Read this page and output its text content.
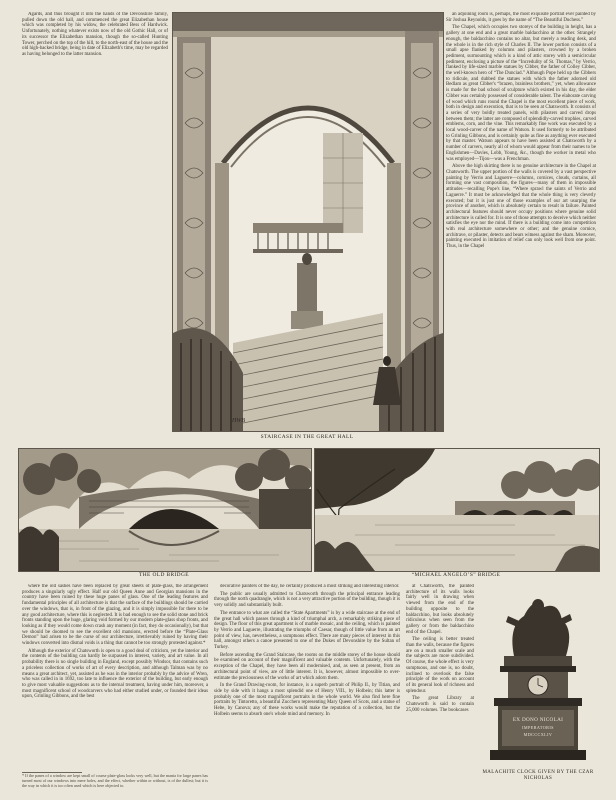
Agards, and thus brought it into the hands of the Devonshire family, pulled down the old hall, and commenced the great Elizabethan house which was completed by his widow, the celebrated Bess of Hardwick. Unfortunately, nothing whatever exists now of the old Gothic Hall, or of its successor the Elizabethan mansion, though the so-called Hunting Tower, perched on the top of the hill, to the north-east of the house and the old high-backed bridge, being in date of Elizabeth's time, may be regarded as having belonged to the latter mansion.

an adjoining room is, perhaps, the most exquisite portrait ever painted by Sir Joshua Reynolds, it goes by the name of “The Beautiful Duchess.”

The Chapel, which occupies two storeys of the building in height, has a gallery at one end and a great marble baldacchino at the other. Strangely enough, the baldacchino contains no altar, but merely a reading desk, and the whole is in the rich style of Charles II. The lower portion consists of a small apse flanked by columns and pilasters, crowned by a broken pediment, surmounting which is a kind of attic storey with a semicircular pediment, enclosing a picture of the “Incredulity of St. Thomas,” by Verrio, flanked by life-sized marble statues by Cibber, the father of Colley Cibber, the well-known hero of “The Dunciad.” Although Pope held up the Cibbers to ridicule, and dubbed the statues with which the father adorned old Bedlam as great Cibber's “brazen, brainless brothers,” yet, when allowance is made for the bad school of sculpture which existed in his day, the elder Cibber was certainly possessed of considerable talent. The elaborate carving of wood which runs round the Chapel is the most excellent piece of work, both in design and execution, that is to be seen at Chatsworth. It consists of a series of very boldly treated panels, with pilasters and carved drops between them; the latter are composed of splendidly-carved trophies, carved emblems, corn, and the vine. This remarkably fine work was executed by a local wood-carver of the name of Watson. It used formerly to be attributed to Grinling Gibbons, and is certainly quite as fine as anything ever executed by that master. Watson appears to have been assisted at Chatsworth by a number of carvers, nearly all of whom would appear from their names to be Englishmen—Davies, Lobb, Young, &c., though the worker in metal who was employed—Tijou—was a Frenchman.

Above the high skirting there is no genuine architecture in the Chapel at Chatsworth. The upper portion of the walls is covered by a vast perspective painting by Verrio and Laguerre—columns, cornices, clouds, curtains, all forming one vast composition, the figures—many of them in impossible attitudes—recalling Pope's line, “Where sprawl the saints of Verrio and Laguerre.” It must be acknowledged that the whole thing is very cleverly executed; but it is just one of those examples of our art usurping the province of another, which is absolutely certain to result in failure. Painted architectural features should never occupy positions where genuine solid architecture is called for. It is one of those attempts to deceive which neither satisfies the eye nor the mind. If there is a building come into competition with real architecture somewhere or other; and the genuine cornice, architrave, or pilaster, detects and bears witness against the sham. Moreover, painting executed in imitation of relief can only look well from one point. Thus, in the Chapel

HWB
STAIRCASE IN THE GREAT HALL
THE OLD BRIDGE	“MICHAEL ANGELO’S” BRIDGE

where the old sashes have been replaced by great sheets of plate-glass, the arrangement produces a singularly ugly effect. Half our old Queen Anne and Georgian mansions in the country have been ruined by these huge panes of glass. One of the leading features and fundamental principles of all architecture is that the surface of the buildings should be carried over the windows, that is, in front of the glazing, and it is simply impossible for there to be any good architecture, where this is neglected. It is bad enough to see the solid stone and brick fronts standing upon the huge, glaring void formed by our modern plate-glass shop fronts, and looking as if they would come down crash any moment (in fact, they do occasionally), but that we should be doomed to see the excellent old mansions, erected before the “Plate-Glass Demon” had arisen to be the curse of our architecture, irretrievably ruined by having their windows converted into dismal voids is a thing that cannot be too strongly protested against.*

Although the exterior of Chatsworth is open to a good deal of criticism, yet the interior and the contents of the building can hardly be surpassed in interest, variety, and art value. In all probability there is no single building in England, except possibly Windsor, that contains such a priceless collection of works of art of every description, and although Talman was by no means a great architect, yet, assisted as he was in the interior probably by the advice of Wren, who was called in in 1692, too late to influence the exterior of the building, but early enough to give most valuable suggestions as to the internal treatment, having under him, moreover, a most magnificent school of woodcarvers who had either studied under, or founded their ideas upon, Grinling Gibbons, and the best

decorative painters of the day, he certainly produced a most striking and interesting interior.

The public are usually admitted to Chatsworth through the principal entrance leading through the north quadrangle, which is not a very attractive portion of the building, though it is very solidly and substantially built.

The entrance to what are called the “State Apartments” is by a wide staircase at the end of the great hall which passes through a kind of triumphal arch, a remarkably striking piece of design. The floor of this great apartment is of marble mosaic, and the ceiling, which is painted by Verrio and Laguerre, illustrating the triumphs of Caesar, though of little value from an art point of view, has, nevertheless, a sumptuous effect. There are many pieces of interest in this hall, amongst others a canoe presented to one of the Dukes of Devonshire by the Sultan of Turkey.

Before ascending the Grand Staircase, the rooms on the middle storey of the house should be examined on account of their magnificent and valuable contents. Unfortunately, with the exception of the Chapel, they have been all modernised, and, as seen at present, from an architectural point of view, are of little interest. It is, however, almost impossible to over-estimate the preciousness of the works of art which adorn them.

In the Grand Drawing-room, for instance, is a superb portrait of Philip II., by Titian, and side by side with it hangs a most splendid one of Henry VIII., by Holbein; this latter is probably one of the most magnificent portraits in the whole world. We also find here fine portraits by Tintoretto, a beautiful Zucchero representing Mary Queen of Scots, and a statue of Hebe, by Canova; any of these works would make the reputation of a collection, but the Holbein seems to absorb one's whole mind and memory. In

at Chatsworth, the painted architecture of its walls looks fairly well in drawing when viewed from the end of the building opposite to the baldacchino, but looks absolutely ridiculous when seen from the gallery or from the baldacchino end of the Chapel.

The ceiling is better treated than the walls, because the figures are on a much smaller scale and the subjects are more subdivided. Of course, the whole effect is very sumptuous, and one is, no doubt, inclined to overlook the false principle of the work on account of its general look of richness and splendour.

The great Library at Chatsworth is said to contain 25,000 volumes. The bookcases

* If the panes of a window are kept small of course plate-glass looks very well, but the mania for large panes has turned most of our windows into mere holes, and the effect, whether within or without, is of the dullest; but it is the way in which it is too often used which is here objected to.
EX DONO NICOLAI
IMPERATORIS
MDCCCXLIV
MALACHITE CLOCK GIVEN BY THE CZAR NICHOLAS
